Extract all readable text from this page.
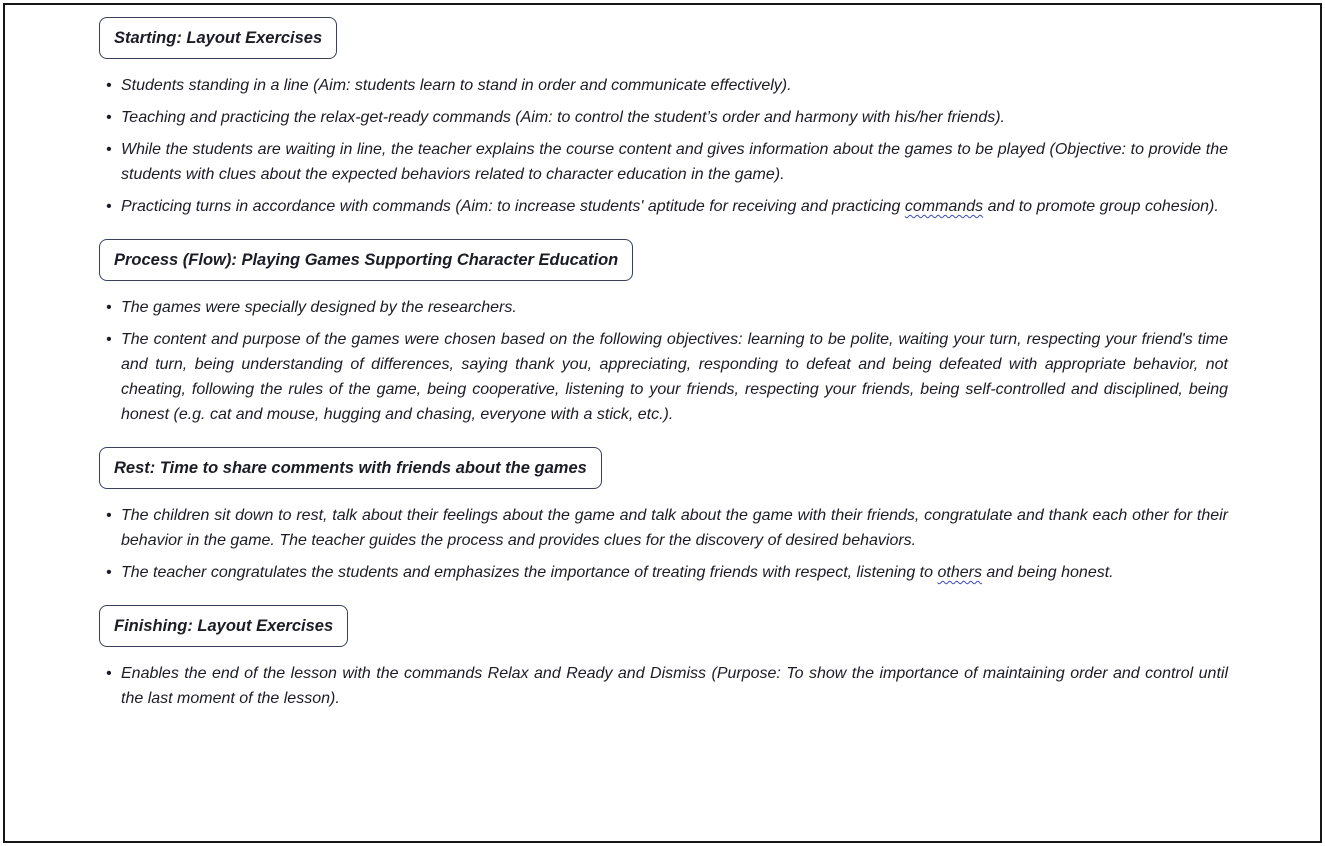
Starting: Layout Exercises
• Students standing in a line (Aim: students learn to stand in order and communicate effectively).
• Teaching and practicing the relax-get-ready commands (Aim: to control the student’s order and harmony with his/her friends).
• While the students are waiting in line, the teacher explains the course content and gives information about the games to be played (Objective: to provide the students with clues about the expected behaviors related to character education in the game).
• Practicing turns in accordance with commands (Aim: to increase students' aptitude for receiving and practicing commands and to promote group cohesion).
Process (Flow): Playing Games Supporting Character Education
• The games were specially designed by the researchers.
• The content and purpose of the games were chosen based on the following objectives: learning to be polite, waiting your turn, respecting your friend's time and turn, being understanding of differences, saying thank you, appreciating, responding to defeat and being defeated with appropriate behavior, not cheating, following the rules of the game, being cooperative, listening to your friends, respecting your friends, being self-controlled and disciplined, being honest (e.g. cat and mouse, hugging and chasing, everyone with a stick, etc.).
Rest: Time to share comments with friends about the games
• The children sit down to rest, talk about their feelings about the game and talk about the game with their friends, congratulate and thank each other for their behavior in the game. The teacher guides the process and provides clues for the discovery of desired behaviors.
• The teacher congratulates the students and emphasizes the importance of treating friends with respect, listening to others and being honest.
Finishing: Layout Exercises
• Enables the end of the lesson with the commands Relax and Ready and Dismiss (Purpose: To show the importance of maintaining order and control until the last moment of the lesson).
